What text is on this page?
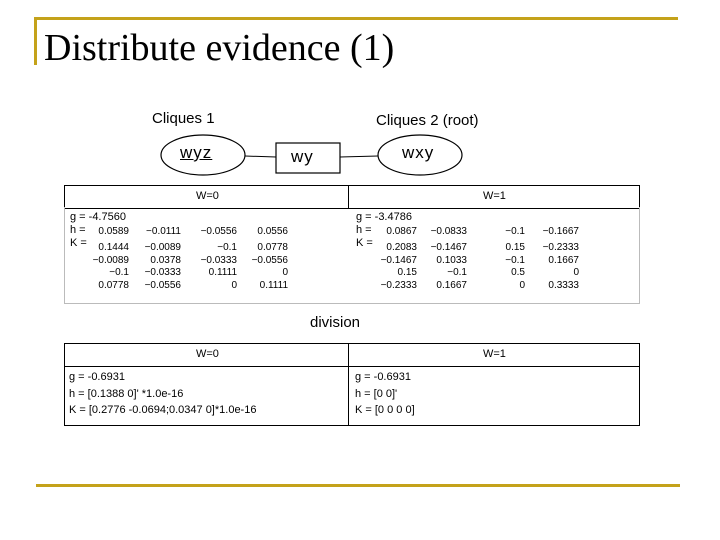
Distribute evidence (1)
Cliques 1	Cliques 2 (root)
wyz	wy	wxy
W=0	W=1
g = -4.7560
h =
K =
0.0589 −0.0111 −0.0556 0.0556
0.1444 −0.0089	−0.1 0.0778
−0.0089 0.0378 −0.0333 −0.0556
−0.1 −0.0333	0.1111	0
0.0778 −0.0556	0 0.1111
g = -3.4786
h =
K =
0.0867 −0.0833	−0.1 −0.1667
0.2083 −0.1467	0.15 −0.2333
−0.1467 0.1033	−0.1 0.1667
0.15	−0.1	0.5	0
−0.2333 0.1667	0 0.3333
division
W=0	W=1
g = -0.6931
h = [0.1388 0]' *1.0e-16
K = [0.2776 -0.0694;0.0347 0]*1.0e-16
g = -0.6931
h = [0 0]'
K = [0 0 0 0]
